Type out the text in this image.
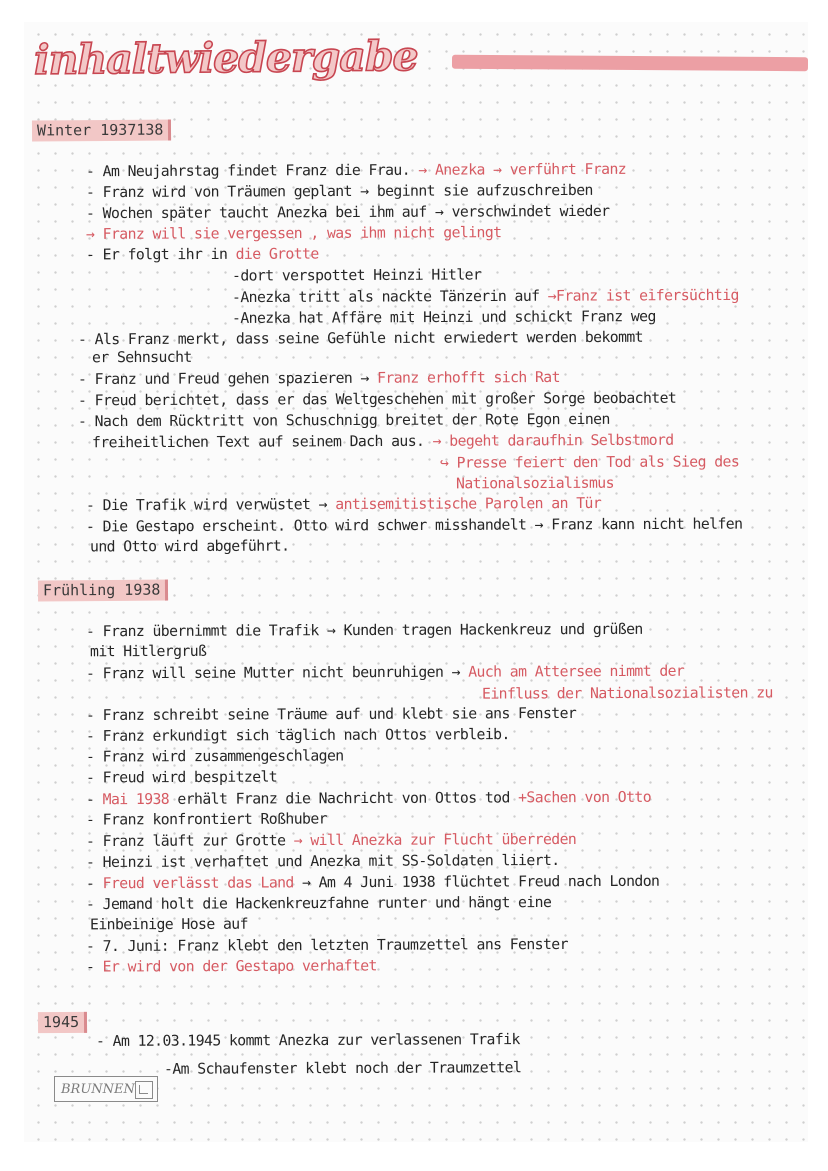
inhaltwiedergabe
Winter 1937138
Frühling 1938
1945
- Am Neujahrstag findet Franz die Frau. → Anezka → verführt Franz
- Franz wird von Träumen geplant → beginnt sie aufzuschreiben
- Wochen später taucht Anezka bei ihm auf → verschwindet wieder
→ Franz will sie vergessen , was ihm nicht gelingt
- Er folgt ihr in die Grotte
-dort verspottet Heinzi Hitler
-Anezka tritt als nackte Tänzerin auf →Franz ist eifersüchtig
-Anezka hat Affäre mit Heinzi und schickt Franz weg
- Als Franz merkt, dass seine Gefühle nicht erwiedert werden bekommt
er Sehnsucht
- Franz und Freud gehen spazieren → Franz erhofft sich Rat
- Freud berichtet, dass er das Weltgeschehen mit großer Sorge beobachtet
- Nach dem Rücktritt von Schuschnigg breitet der Rote Egon einen
freiheitlichen Text auf seinem Dach aus. → begeht daraufhin Selbstmord
↪ Presse feiert den Tod als Sieg des
Nationalsozialismus
- Die Trafik wird verwüstet → antisemitistische Parolen an Tür
- Die Gestapo erscheint. Otto wird schwer misshandelt → Franz kann nicht helfen
und Otto wird abgeführt.
- Franz übernimmt die Trafik → Kunden tragen Hackenkreuz und grüßen
mit Hitlergruß
- Franz will seine Mutter nicht beunruhigen → Auch am Attersee nimmt der
Einfluss der Nationalsozialisten zu
- Franz schreibt seine Träume auf und klebt sie ans Fenster
- Franz erkundigt sich täglich nach Ottos verbleib.
- Franz wird zusammengeschlagen
- Freud wird bespitzelt
- Mai 1938 erhält Franz die Nachricht von Ottos tod +Sachen von Otto
- Franz konfrontiert Roßhuber
- Franz läuft zur Grotte → will Anezka zur Flucht überreden
- Heinzi ist verhaftet und Anezka mit SS-Soldaten liiert.
- Freud verlässt das Land → Am 4 Juni 1938 flüchtet Freud nach London
- Jemand holt die Hackenkreuzfahne runter und hängt eine
Einbeinige Hose auf
- 7. Juni: Franz klebt den letzten Traumzettel ans Fenster
- Er wird von der Gestapo verhaftet
- Am 12.03.1945 kommt Anezka zur verlassenen Trafik
-Am Schaufenster klebt noch der Traumzettel
BRUNNEN
